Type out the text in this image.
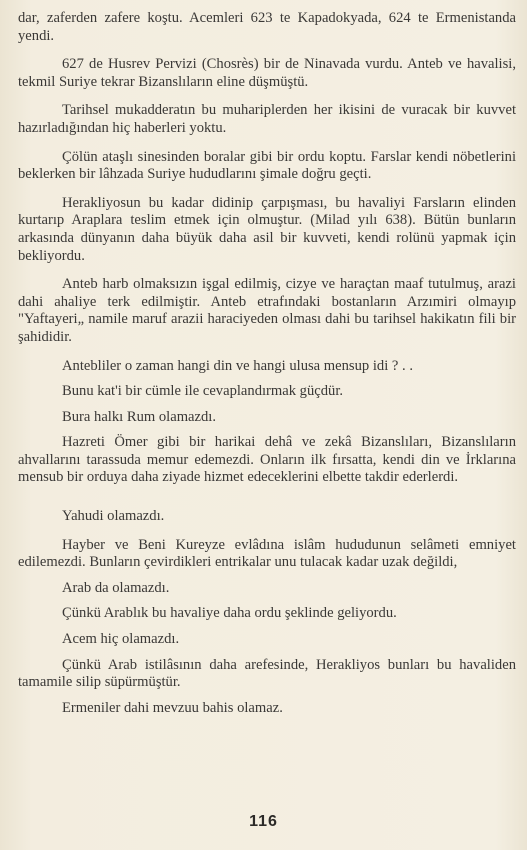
dar, zaferden zafere koştu. Acemleri 623 te Kapadokyada, 624 te Ermenistanda yendi.

627 de Husrev Pervizi (Chosrès) bir de Ninavada vurdu. Anteb ve havalisi, tekmil Suriye tekrar Bizanslıların eline düşmüştü.

Tarihsel mukadderatın bu muhariplerden her ikisini de vuracak bir kuvvet hazırladığından hiç haberleri yoktu.

Çölün ataşlı sinesinden boralar gibi bir ordu koptu. Farslar kendi nöbetlerini beklerken bir lâhzada Suriye hududlarını şimale doğru geçti.

Herakliyosun bu kadar didinip çarpışması, bu havaliyi Farsların elinden kurtarıp Araplara teslim etmek için olmuştur. (Milad yılı 638). Bütün bunların arkasında dünyanın daha büyük daha asil bir kuvveti, kendi rolünü yapmak için bekliyordu.

Anteb harb olmaksızın işgal edilmiş, cizye ve haraçtan maaf tutulmuş, arazi dahi ahaliye terk edilmiştir. Anteb etrafındaki bostanların Arzımiri olmayıp "Yaftayeri„ namile maruf arazii haraciyeden olması dahi bu tarihsel hakikatın fili bir şahididir.

Antebliler o zaman hangi din ve hangi ulusa mensup idi ? . .

Bunu kat'i bir cümle ile cevaplandırmak güçdür.

Bura halkı Rum olamazdı.

Hazreti Ömer gibi bir harikai dehâ ve zekâ Bizanslıları, Bizanslıların ahvallarını tarassuda memur edemezdi. Onların ilk fırsatta, kendi din ve İrklarına mensub bir orduya daha ziyade hizmet edeceklerini elbette takdir ederlerdi.

Yahudi olamazdı.

Hayber ve Beni Kureyze evlâdına islâm hududunun selâmeti emniyet edilemezdi. Bunların çevirdikleri entrikalar unu tulacak kadar uzak değildi,

Arab da olamazdı.

Çünkü Arablık bu havaliye daha ordu şeklinde geliyordu.

Acem hiç olamazdı.

Çünkü Arab istilâsının daha arefesinde, Herakliyos bunları bu havaliden tamamile silip süpürmüştür.

Ermeniler dahi mevzuu bahis olamaz.

116
